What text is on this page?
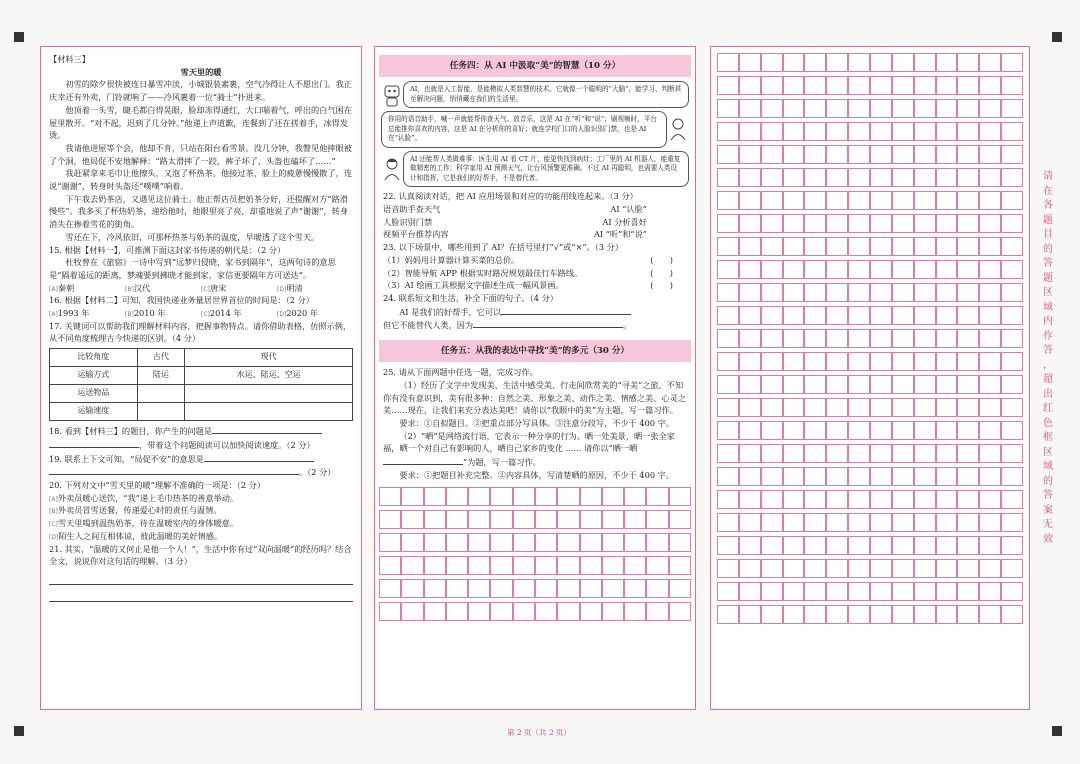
【材料三】

雪天里的暖

初雪的除夕很快被连日暴雪冲淡，小城银装素裹，空气冷得让人不愿出门。我正庆幸还有外卖，门铃就响了——冷风裹着一位“骑士”扑进来。

他顶着一头雪，睫毛都白得晃眼，脸却冻得通红，大口喘着气，呼出的白气困在屋里散开。“对不起，迟到了几分钟。”他递上声道歉，连餐到了还在搓着手，冰得发烫。

我请他进屋等个会，他却不肯，只站在阳台看雪景。没几分钟，我瞥见他摔眼被了个洞，他局促不安地解释：“路太滑摔了一跤，裤子坏了，头盔也磕坏了……”

我赶紧拿来毛巾让他擦头，又泡了杯热茶。他接过茶，脸上的疲惫慢慢散了，连说“谢谢”，转身时头盔还“噗噗”响着。

下午我去奶茶店，又遇见这位骑士。他正帮店员把奶茶分好，还提醒对方“路滑慢些”。我多买了杯热奶茶，递给他时，他眼里亮了亮，却重地说了声“谢谢”，转身消失在掺着雪花的街角。

雪还在下，冷风依旧，可那杯热茶与奶茶的温度，早暖透了这个雪天。

15. 根据【材料一】，可推测下面这封家书传递的朝代是：（2 分）

杜牧曾在《旅宿》一诗中写到“远梦归侵晓，家书到隔年”，这两句诗的意思是“隔着遥远的距离，梦魂要到拂晓才能到家，家信更要隔年方可送达”。

[A]秦朝	[B]汉代	[C]唐宋	[D]明清

16. 根据【材料二】可知，我国快递业务量居世界首位的时间是：（2 分）

[A]1993 年	[B]2010 年	[C]2014 年	[D]2020 年

17. 关键词可以帮助我们理解材料内容，把握事物特点。请你借助表格，仿照示例，从不同角度梳理古今快递的区别。（4 分）

比较角度	古代	现代
运输方式	陆运	水运、陆运、空运
运送物品		
运输速度		

18. 看到【材料三】的题目，你产生的问题是

，带着这个问题阅读可以加快阅读速度。（2 分）

19. 联系上下文可知，“局促不安”的意思是

。（2 分）

20. 下列对文中“雪天里的暖”理解不准确的一项是：（2 分）

[A]外卖员暖心送饮，“我”递上毛巾热茶的善意举动。
[B]外卖员冒雪送餐，传递爱心时的责任与温情。
[C]雪天里喝到温热奶茶，待在温暖室内的身体暖意。
[D]陌生人之间互相体谅，彼此温暖的美好情感。

21. 其实，“温暖的又何止是他一个人！”，生活中你有过“双向温暖”的经历吗？结合全文，说说你对这句话的理解。（3 分）

任务四：从 AI 中汲取“美”的智慧（10 分）
AI，也就是人工智能，是能模拟人类智慧的技术。它就像一个聪明的“大脑”，能学习、判断甚至解决问题，悄悄藏在我们的生活里。
你用的语音助手，喊一声就能帮你查天气、放音乐，这是 AI 在“听”和“说”；刷视频时，平台总能推你喜欢的内容，这是 AI 在分析你的喜好；就连学校门口的人脸识别门禁，也是 AI 在“认脸”。
AI 还能帮人类做难事：医生用 AI 看 CT 片，能更快找到病灶；工厂里的 AI 机器人，能重复做精密的工作；科学家用 AI 预测天气，让台风预警更准确。不过 AI 再聪明，也需要人类设计和指挥，它是我们的好帮手，不是替代者。

22. 认真阅读对话，把 AI 应用场景和对应的功能用线连起来。（3 分）

语音助手查天气	AI “认脸”
人脸识别门禁	AI 分析喜好
视频平台推荐内容	AI “听”和“说”

23. 以下场景中，哪些用到了 AI？在括号里打“√”或“×”。（3 分）

（1）妈妈用计算器计算买菜的总价。	(　　)

（2）智能导航 APP 根据实时路况规划最佳行车路线。	(　　)

（3）AI 绘画工具根据文字描述生成一幅风景画。	(　　)

24. 联系短文和生活，补全下面的句子。（4 分）

AI 是我们的好帮手，它可以

但它不能替代人类，因为	。

任务五：从我的表达中寻找“美”的多元（30 分）

25. 请从下面两题中任选一题，完成习作。

（1）经历了文字中发现美、生活中感受美、行走间欣赏美的“寻美”之旅，不知你有没有意识到，美有很多种：自然之美、形象之美、动作之美、情感之美、心灵之美……现在，让我们来充分表达美吧！请你以“我眼中的美”为主题，写一篇习作。

要求：①自拟题目。②把重点部分写具体。③注意分段写，不少于 400 字。

（2）“晒”是网络流行语，它表示一种分享的行为。晒一处美景，晒一张全家福，晒一个对自己有影响的人，晒自己家乡的变化 ...... 请你以“晒一晒”为题，写一篇习作。

要求：①把题目补充完整。②内容具体，写清楚晒的原因，不少于 400 字。

请
在
各
题
目
的
答
题
区
域
内
作
答
，
超
出
红
色
框
区
域
的
答
案
无
效
第 2 页（共 2 页）
